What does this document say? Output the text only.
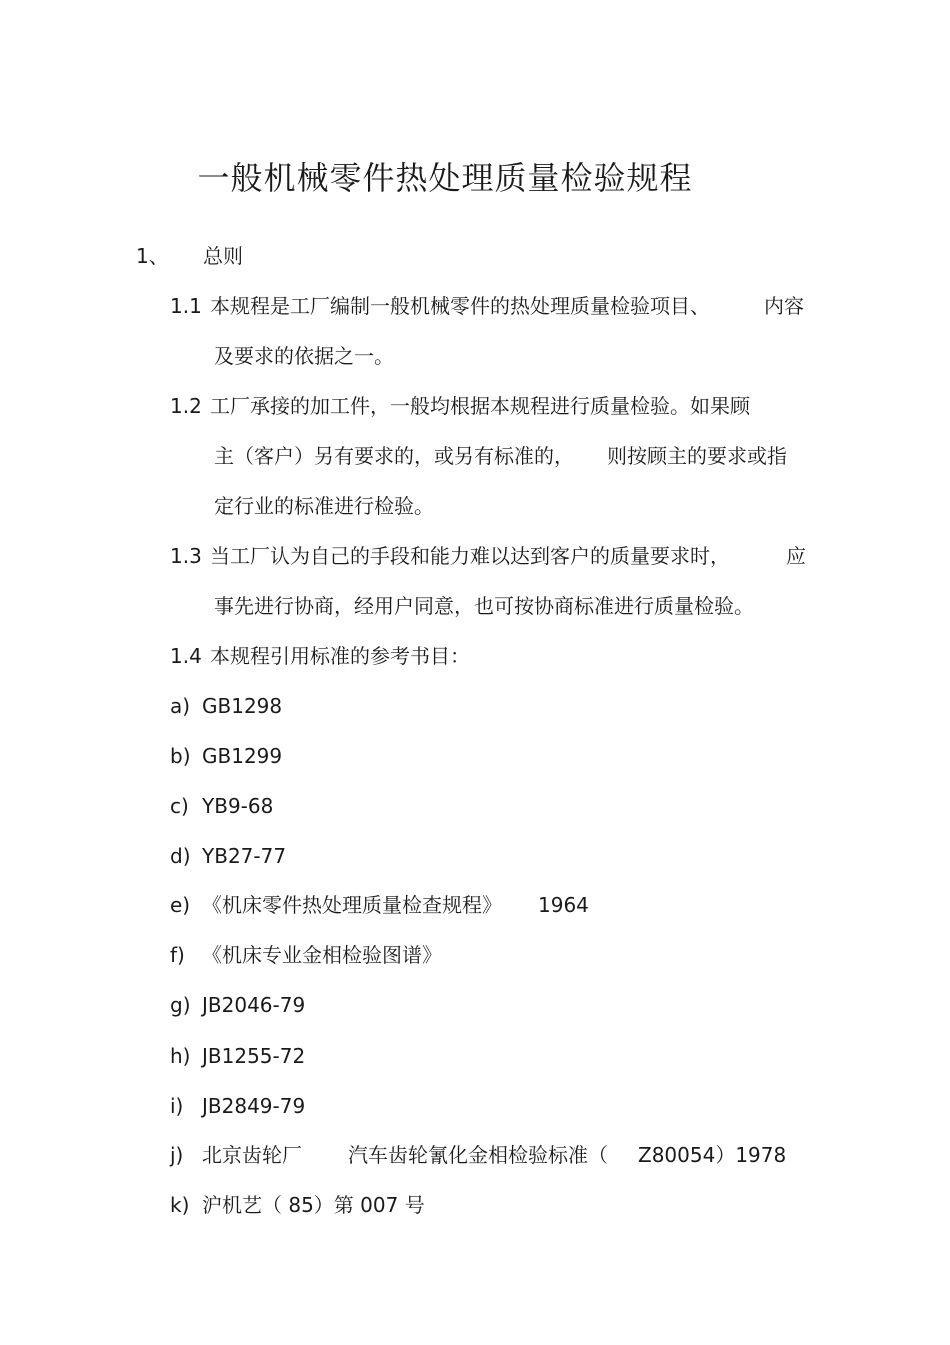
一般机械零件热处理质量检验规程
1、 总则
1.1 本规程是工厂编制一般机械零件的热处理质量检验项目、	内容
及要求的依据之一。
1.2 工厂承接的加工件，一般均根据本规程进行质量检验。如果顾
主（客户）另有要求的，或另有标准的， 则按顾主的要求或指
定行业的标准进行检验。
1.3 当工厂认为自己的手段和能力难以达到客户的质量要求时，	应
事先进行协商，经用户同意，也可按协商标准进行质量检验。
1.4 本规程引用标准的参考书目：
a) GB1298
b) GB1299
c) YB9-68
d) YB27-77
e) 《机床零件热处理质量检查规程》 1964
f) 《机床专业金相检验图谱》
g) JB2046-79
h) JB1255-72
i) JB2849-79
j) 北京齿轮厂 汽车齿轮氰化金相检验标准（ Z80054）1978
k) 沪机艺（ 85）第 007 号
